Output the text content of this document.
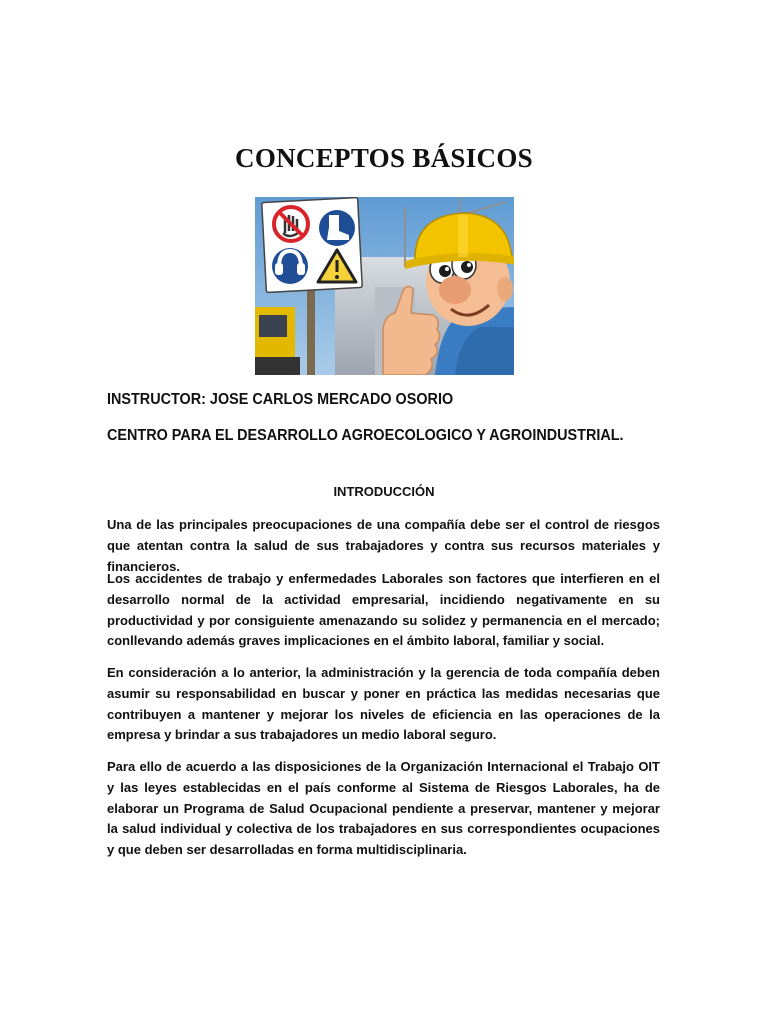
CONCEPTOS BÁSICOS
INSTRUCTOR: JOSE CARLOS MERCADO OSORIO
CENTRO PARA EL DESARROLLO AGROECOLOGICO Y AGROINDUSTRIAL.
INTRODUCCIÓN

Una de las principales preocupaciones de una compañía debe ser el control de riesgos que atentan contra la salud de sus trabajadores y contra sus recursos materiales y financieros.

Los accidentes de trabajo y enfermedades Laborales son factores que interfieren en el desarrollo normal de la actividad empresarial, incidiendo negativamente en su productividad y por consiguiente amenazando su solidez y permanencia en el mercado; conllevando además graves implicaciones en el ámbito laboral, familiar y social.

En consideración a lo anterior, la administración y la gerencia de toda compañía deben asumir su responsabilidad en buscar y poner en práctica las medidas necesarias que contribuyen a mantener y mejorar los niveles de eficiencia en las operaciones de la empresa y brindar a sus trabajadores un medio laboral seguro.

Para ello de acuerdo a las disposiciones de la Organización Internacional el Trabajo OIT y las leyes establecidas en el país conforme al Sistema de Riesgos Laborales, ha de elaborar un Programa de Salud Ocupacional pendiente a preservar, mantener y mejorar la salud individual y colectiva de los trabajadores en sus correspondientes ocupaciones y que deben ser desarrolladas en forma multidisciplinaria.
